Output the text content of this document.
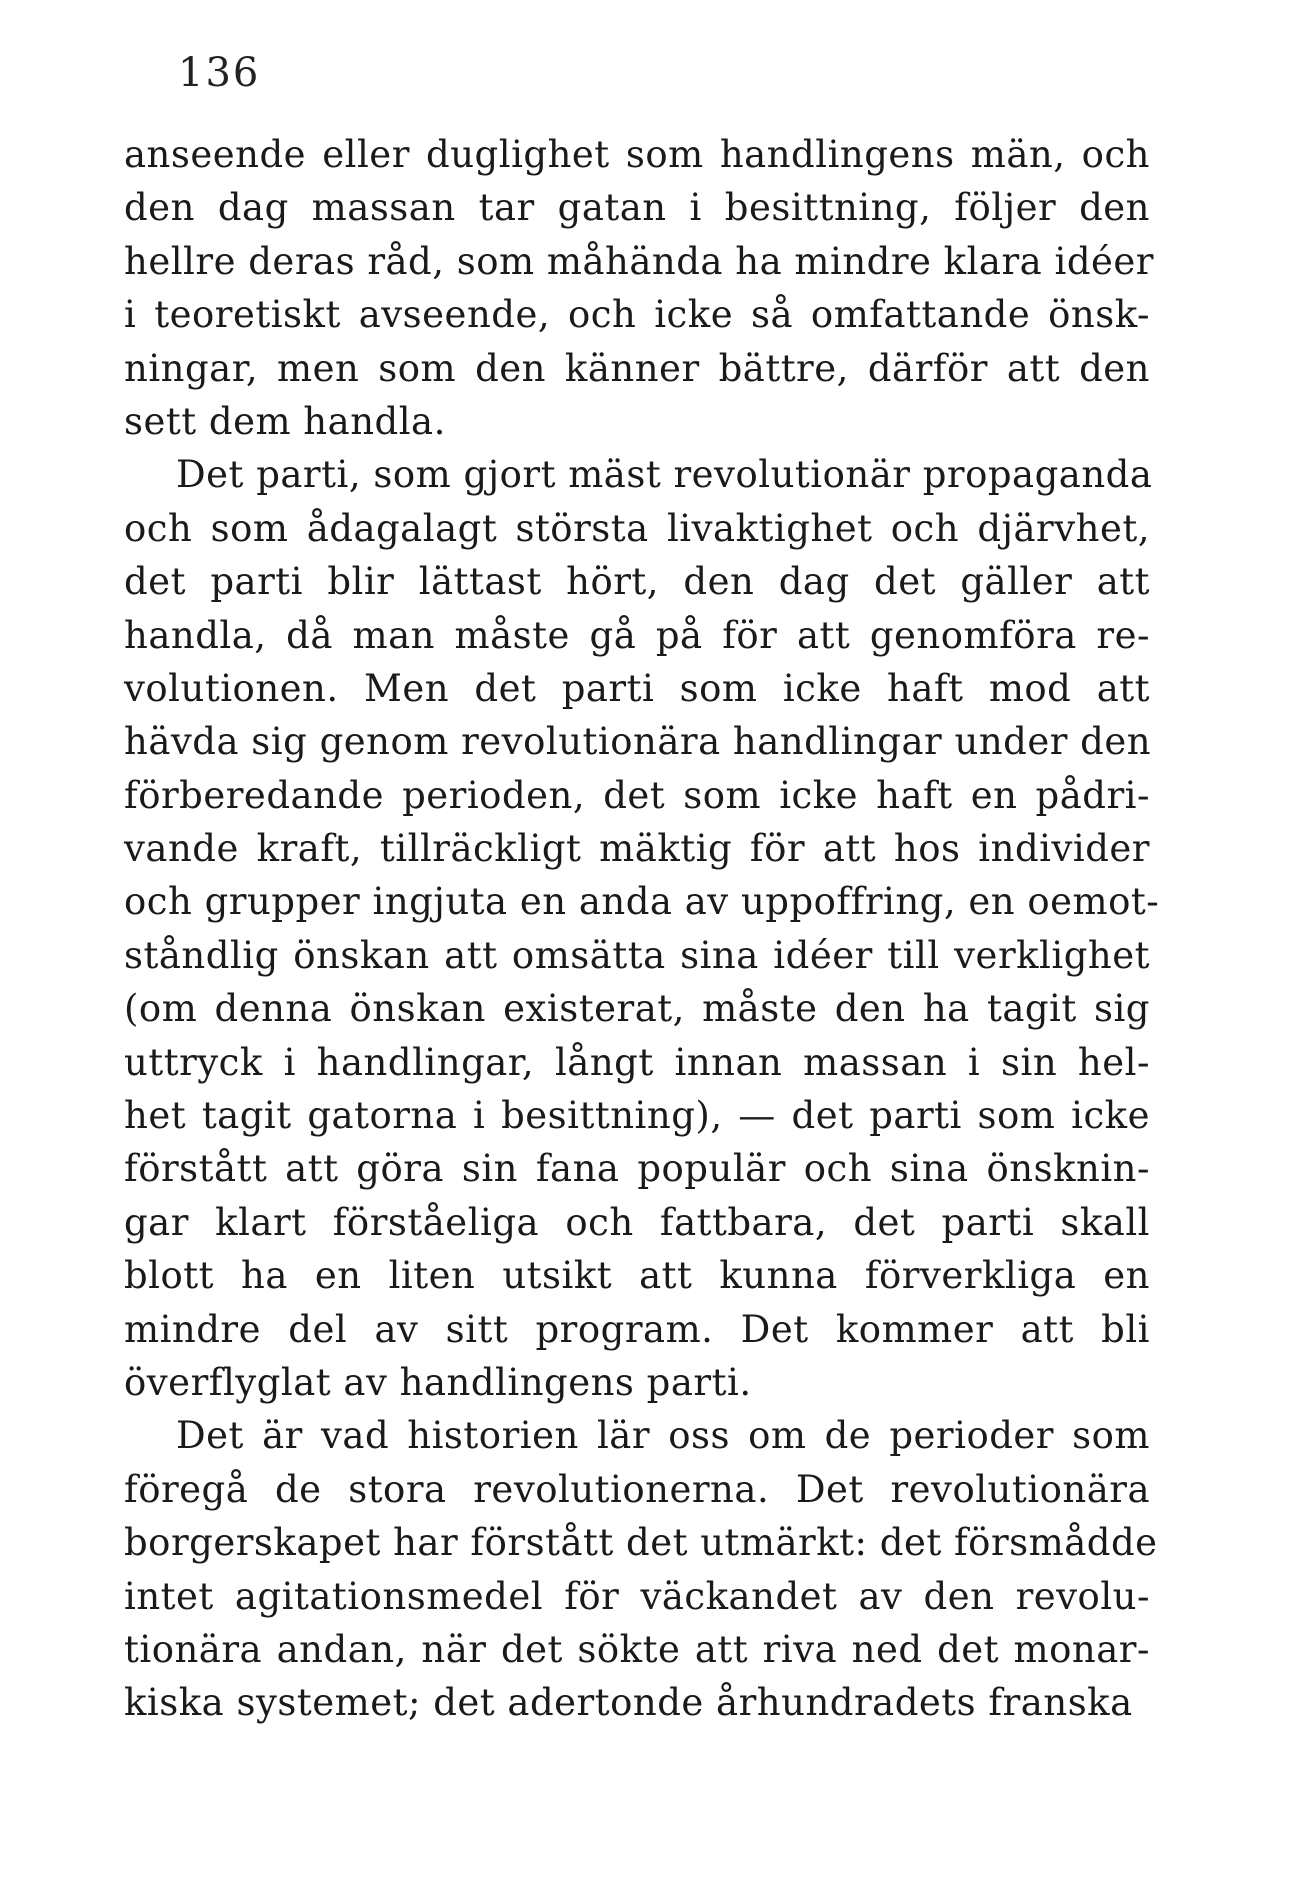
136
anseende eller duglighet som handlingens män, och
den dag massan tar gatan i besittning, följer den
hellre deras råd, som måhända ha mindre klara idéer
i teoretiskt avseende, och icke så omfattande önsk-
ningar, men som den känner bättre, därför att den
sett dem handla.
Det parti, som gjort mäst revolutionär propaganda
och som ådagalagt största livaktighet och djärvhet,
det parti blir lättast hört, den dag det gäller att
handla, då man måste gå på för att genomföra re-
volutionen. Men det parti som icke haft mod att
hävda sig genom revolutionära handlingar under den
förberedande perioden, det som icke haft en pådri-
vande kraft, tillräckligt mäktig för att hos individer
och grupper ingjuta en anda av uppoffring, en oemot-
ståndlig önskan att omsätta sina idéer till verklighet
(om denna önskan existerat, måste den ha tagit sig
uttryck i handlingar, långt innan massan i sin hel-
het tagit gatorna i besittning), — det parti som icke
förstått att göra sin fana populär och sina önsknin-
gar klart förståeliga och fattbara, det parti skall
blott ha en liten utsikt att kunna förverkliga en
mindre del av sitt program. Det kommer att bli
överflyglat av handlingens parti.
Det är vad historien lär oss om de perioder som
föregå de stora revolutionerna. Det revolutionära
borgerskapet har förstått det utmärkt: det försmådde
intet agitationsmedel för väckandet av den revolu-
tionära andan, när det sökte att riva ned det monar-
kiska systemet; det adertonde århundradets franska
